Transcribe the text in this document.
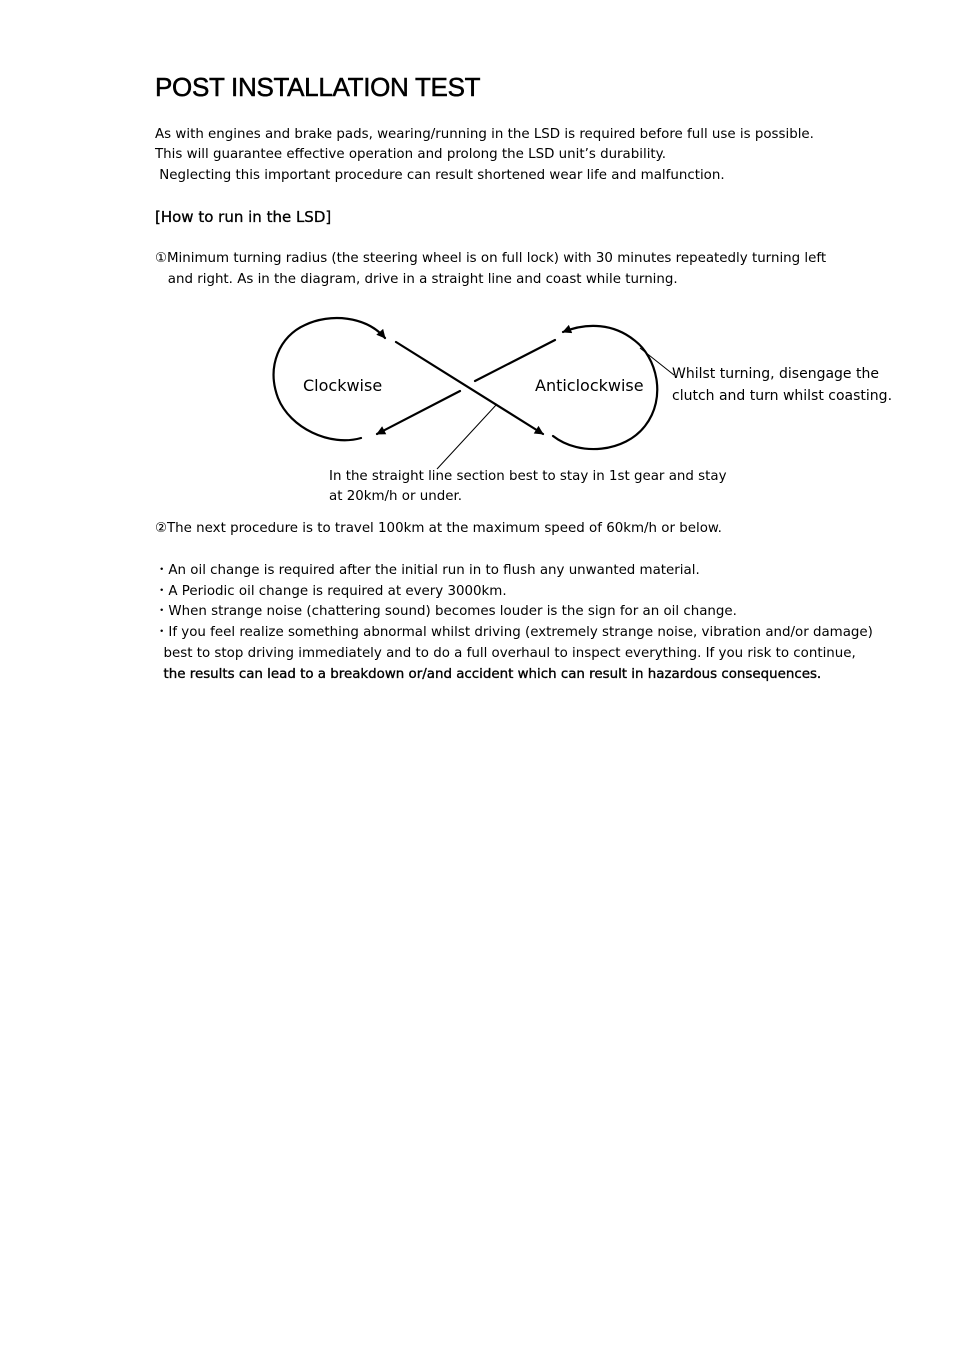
POST INSTALLATION TEST

As with engines and brake pads, wearing/running in the LSD is required before full use is possible.

This will guarantee effective operation and prolong the LSD unit’s durability.

Neglecting this important procedure can result shortened wear life and malfunction.

[How to run in the LSD]

①Minimum turning radius (the steering wheel is on full lock) with 30 minutes repeatedly turning left

and right. As in the diagram, drive in a straight line and coast while turning.

Clockwise	Anticlockwise

Whilst turning, disengage the

clutch and turn whilst coasting.

In the straight line section best to stay in 1st gear and stay

at 20km/h or under.

②The next procedure is to travel 100km at the maximum speed of 60km/h or below.

・An oil change is required after the initial run in to flush any unwanted material.

・A Periodic oil change is required at every 3000km.

・When strange noise (chattering sound) becomes louder is the sign for an oil change.

・If you feel realize something abnormal whilst driving (extremely strange noise, vibration and/or damage)

best to stop driving immediately and to do a full overhaul to inspect everything. If you risk to continue,

the results can lead to a breakdown or/and accident which can result in hazardous consequences.
